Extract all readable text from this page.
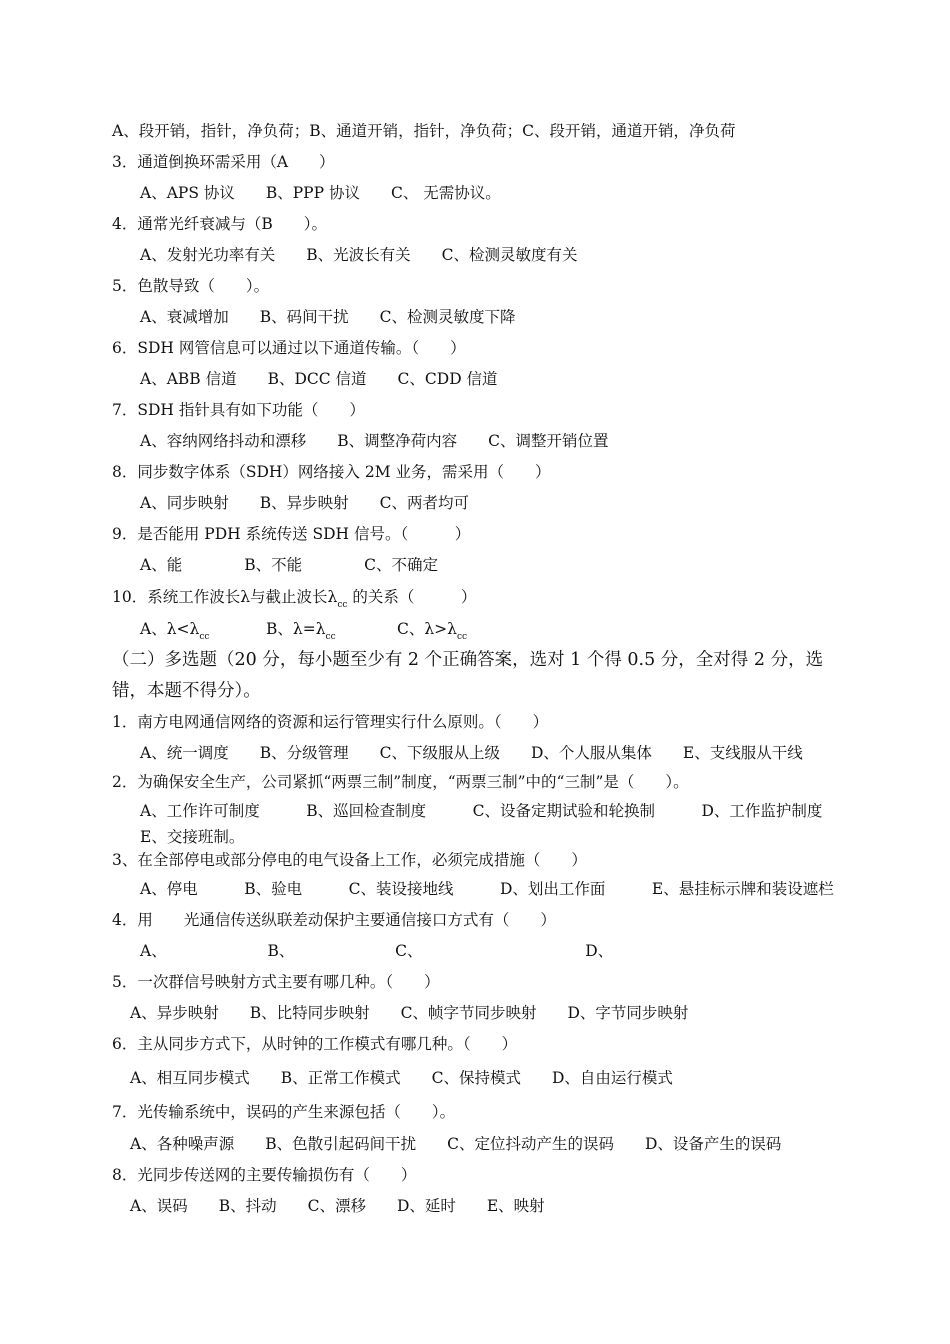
A、段开销，指针，净负荷；B、通道开销，指针，净负荷；C、段开销，通道开销，净负荷
3．通道倒换环需采用（A　　）
A、APS 协议　　B、PPP 协议　　C、 无需协议。
4．通常光纤衰减与（B　　）。
A、发射光功率有关　　B、光波长有关　　C、检测灵敏度有关
5．色散导致（　　）。
A、衰减增加　　B、码间干扰　　C、检测灵敏度下降
6．SDH 网管信息可以通过以下通道传输。（　　）
A、ABB 信道　　B、DCC 信道　　C、CDD 信道
7．SDH 指针具有如下功能（　　）
A、容纳网络抖动和漂移　　B、调整净荷内容　　C、调整开销位置
8．同步数字体系（SDH）网络接入 2M 业务，需采用（　　）
A、同步映射　　B、异步映射　　C、两者均可
9．是否能用 PDH 系统传送 SDH 信号。（　　　）
A、能　　　　B、不能　　　　C、不确定
10．系统工作波长λ与截止波长$\lambda_{cc}$ 的关系（　　　）
A、$\lambda<\lambda_{cc}$	B、$\lambda=\lambda_{cc}$	C、$\lambda>\lambda_{cc}$
（二）多选题（20 分，每小题至少有 2 个正确答案，选对 1 个得 0.5 分，全对得 2 分，选
错，本题不得分）。
1．南方电网通信网络的资源和运行管理实行什么原则。（　　）
A、统一调度　　B、分级管理　　C、下级服从上级　　D、个人服从集体　　E、支线服从干线
2．为确保安全生产，公司紧抓“两票三制”制度，“两票三制”中的“三制”是（　　）。
A、工作许可制度　　　B、巡回检查制度　　　C、设备定期试验和轮换制　　　D、工作监护制度　　　　E、交接班制。
3、在全部停电或部分停电的电气设备上工作，必须完成措施（　　）
A、停电　　　B、验电　　　C、装设接地线　　　D、划出工作面　　　E、悬挂标示牌和装设遮栏
4．用　　光通信传送纵联差动保护主要通信接口方式有（　　）
A、　　　　　　　B、　　　　　　　C、　　　　　　　　　　　D、　　　　　　　
5．一次群信号映射方式主要有哪几种。（　　）
A、异步映射　　B、比特同步映射　　C、帧字节同步映射　　D、字节同步映射
6．主从同步方式下，从时钟的工作模式有哪几种。（　　）
A、相互同步模式　　B、正常工作模式　　C、保持模式　　D、自由运行模式
7．光传输系统中，误码的产生来源包括（　　）。
A、各种噪声源　　B、色散引起码间干扰　　C、定位抖动产生的误码　　D、设备产生的误码
8．光同步传送网的主要传输损伤有（　　）
A、误码　　B、抖动　　C、漂移　　D、延时　　E、映射
